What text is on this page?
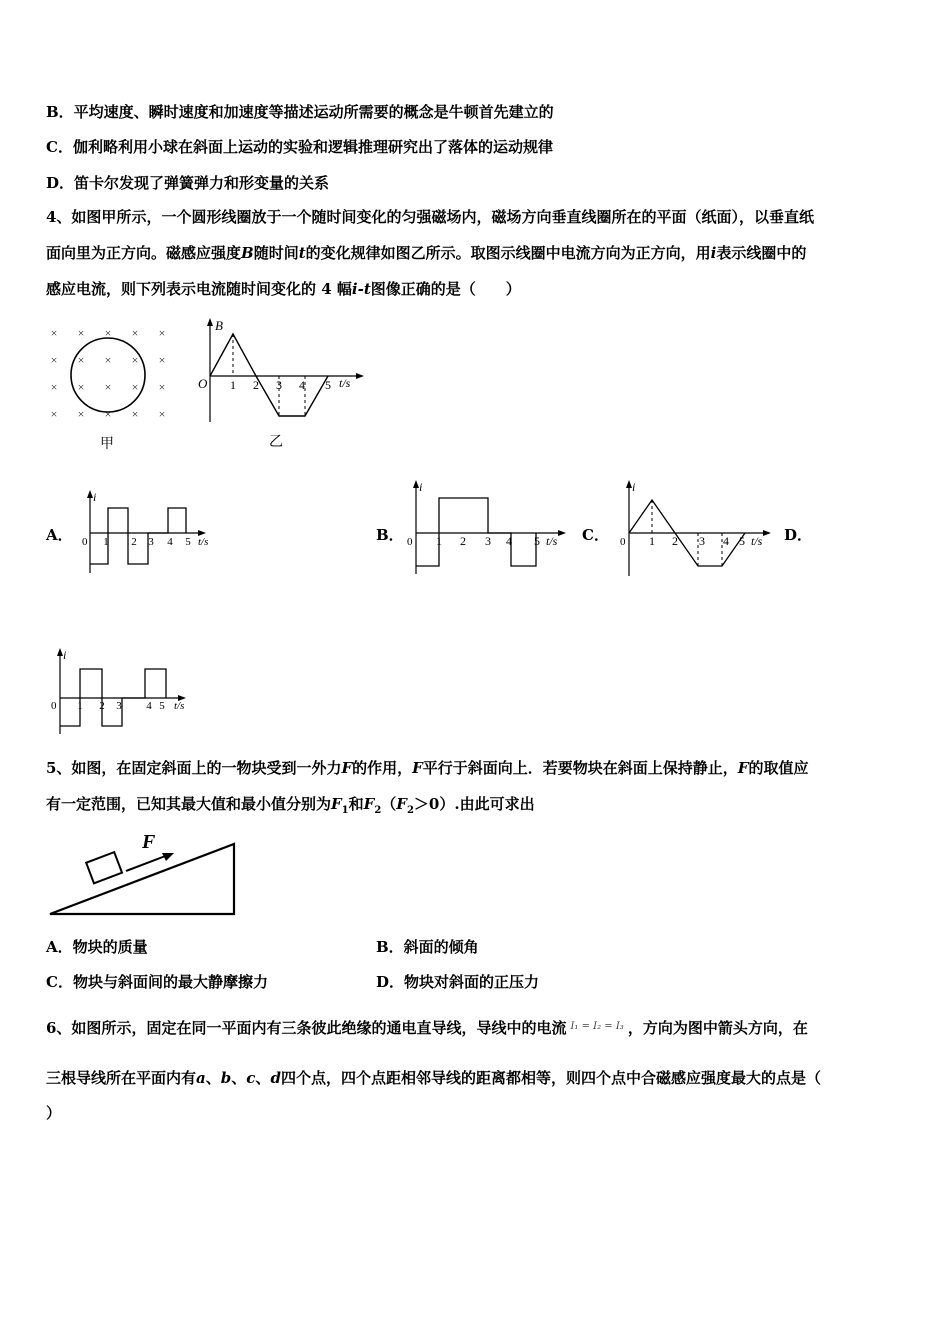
B．平均速度、瞬时速度和加速度等描述运动所需要的概念是牛顿首先建立的
C．伽利略利用小球在斜面上运动的实验和逻辑推理研究出了落体的运动规律
D．笛卡尔发现了弹簧弹力和形变量的关系
4、如图甲所示，一个圆形线圈放于一个随时间变化的匀强磁场内，磁场方向垂直线圈所在的平面（纸面），以垂直纸
面向里为正方向。磁感应强度B随时间t的变化规律如图乙所示。取图示线圈中电流方向为正方向，用i表示线圈中的
感应电流，则下列表示电流随时间变化的 4 幅i-t图像正确的是（　　）
× × × × ×
× × × × ×
× × × × ×
× × × × ×
甲
B
O 1 2 3 4 5 t/s
乙
A．
i
0 1 2 3 4 5 t/s	B．
i
0 1 2 3 4 5 t/s C．
i
0 1 2 3 4 5 t/s D．
i
0 1 2 3 4 5 t/s
5、如图，在固定斜面上的一物块受到一外力F的作用，F平行于斜面向上．若要物块在斜面上保持静止，F的取值应
有一定范围，已知其最大值和最小值分别为$F_1$和$F_2(F_2>0)$.由此可求出
F
A．物块的质量	B．斜面的倾角
C．物块与斜面间的最大静摩擦力	D．物块对斜面的正压力
6、如图所示，固定在同一平面内有三条彼此绝缘的通电直导线，导线中的电流 $^{I_1 = I_2 = I_3}$ ，方向为图中箭头方向，在
三根导线所在平面内有a、b、c、d四个点，四个点距相邻导线的距离都相等，则四个点中合磁感应强度最大的点是（
）
